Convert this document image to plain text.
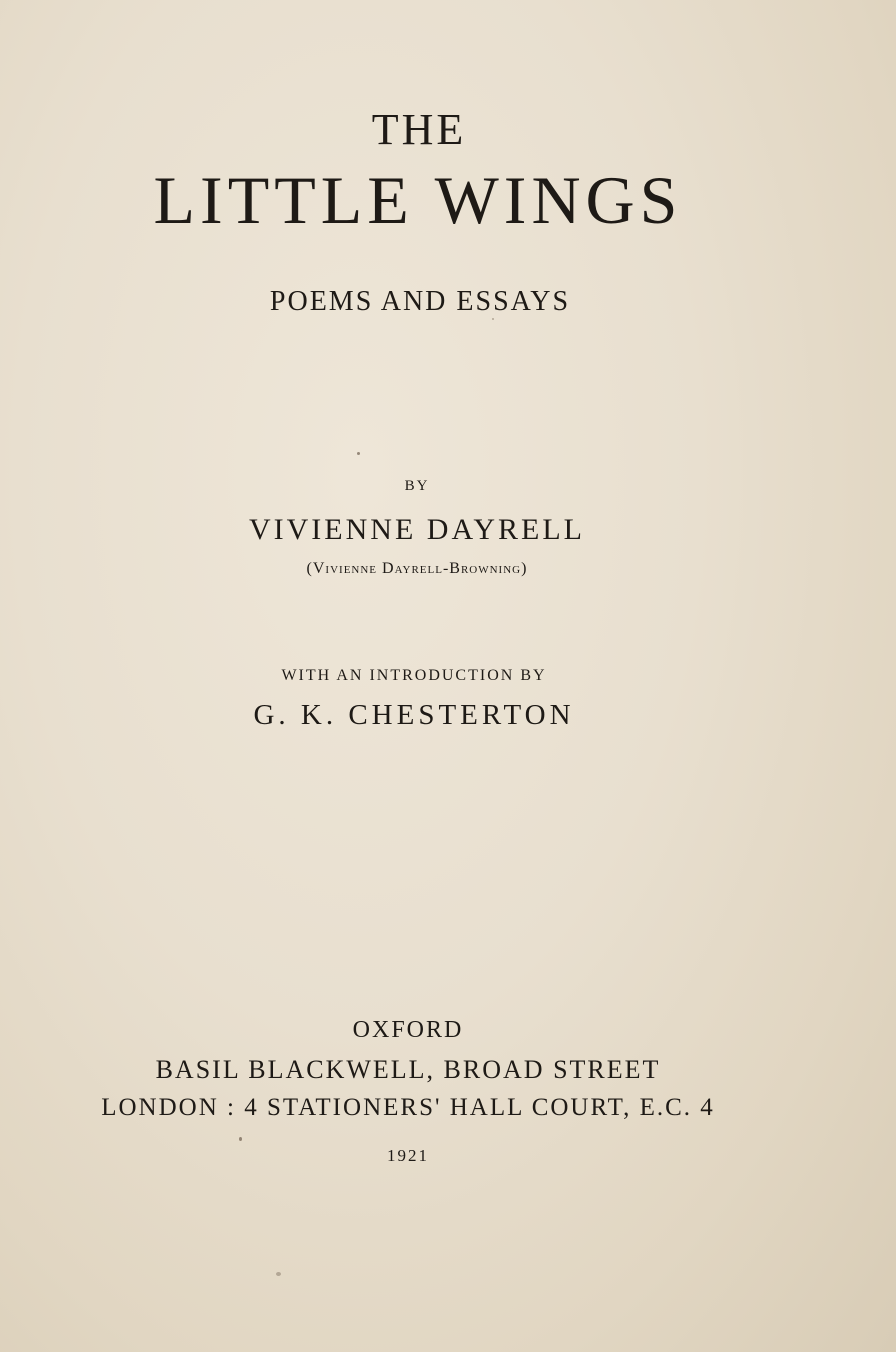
THE
LITTLE WINGS
POEMS AND ESSAYS
BY
VIVIENNE DAYRELL
(Vivienne Dayrell-Browning)
WITH AN INTRODUCTION BY
G. K. CHESTERTON
OXFORD
BASIL BLACKWELL, BROAD STREET
LONDON : 4 STATIONERS' HALL COURT, E.C. 4
1921
